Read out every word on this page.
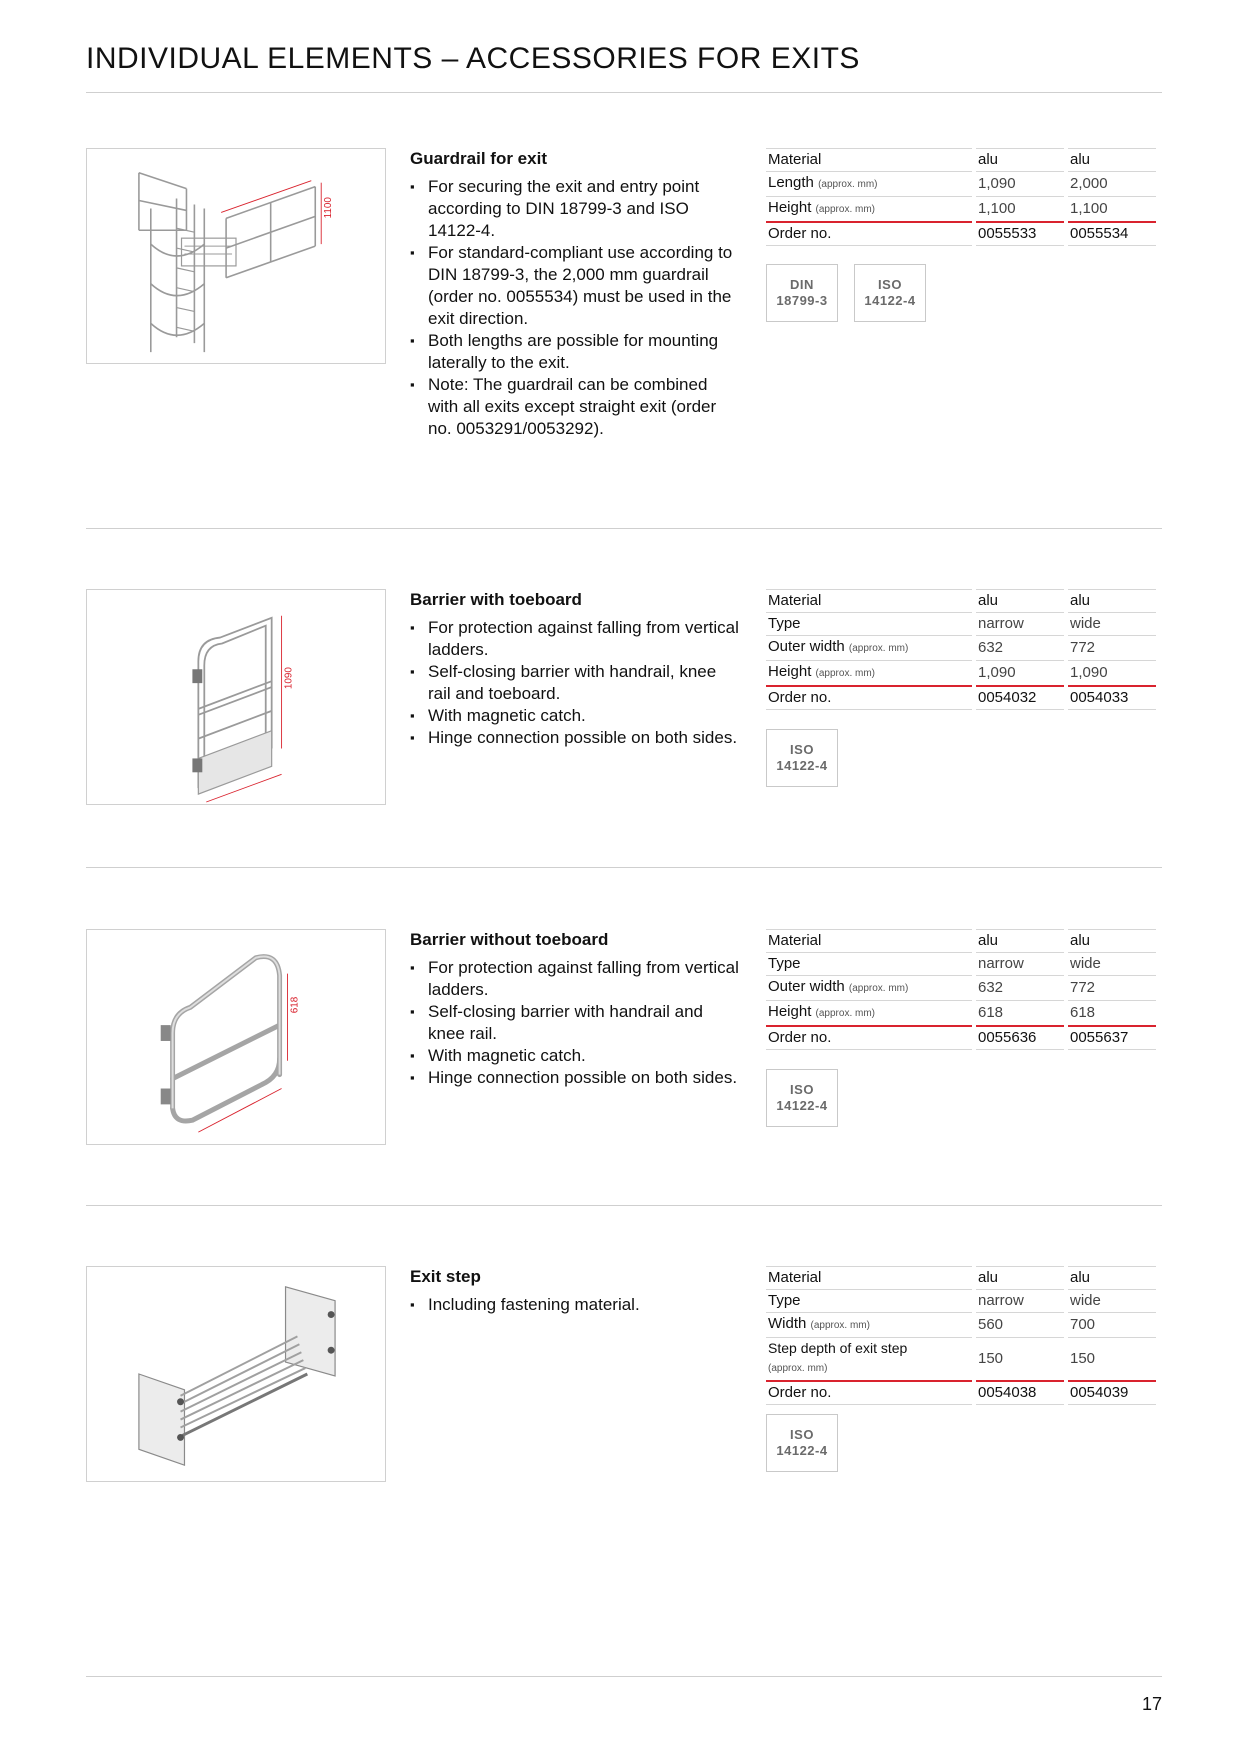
INDIVIDUAL ELEMENTS – ACCESSORIES FOR EXITS
1100
Guardrail for exit
▪ For securing the exit and entry point according to DIN 18799-3 and ISO 14122-4.
▪ For standard-compliant use according to DIN 18799-3, the 2,000 mm guardrail (order no. 0055534) must be used in the exit direction.
▪ Both lengths are possible for mounting laterally to the exit.
▪ Note: The guardrail can be combined with all exits except straight exit (order no. 0053291/0053292).
Material		alu		alu
Length (approx. mm)		1,090		2,000
Height (approx. mm)		1,100		1,100
Order no.		0055533		0055534
DIN
18799-3
ISO
14122-4
1090
Barrier with toeboard
▪ For protection against falling from vertical ladders.
▪ Self-closing barrier with handrail, knee rail and toeboard.
▪ With magnetic catch.
▪ Hinge connection possible on both sides.
Material		alu		alu
Type		narrow		wide
Outer width (approx. mm)		632		772
Height (approx. mm)		1,090		1,090
Order no.		0054032		0054033
ISO
14122-4
618
Barrier without toeboard
▪ For protection against falling from vertical ladders.
▪ Self-closing barrier with handrail and knee rail.
▪ With magnetic catch.
▪ Hinge connection possible on both sides.
Material		alu		alu
Type		narrow		wide
Outer width (approx. mm)		632		772
Height (approx. mm)		618		618
Order no.		0055636		0055637
ISO
14122-4
Exit step
▪ Including fastening material.
Material		alu		alu
Type		narrow		wide
Width (approx. mm)		560		700
Step depth of exit step
(approx. mm)		150		150
Order no.		0054038		0054039
ISO
14122-4
17
